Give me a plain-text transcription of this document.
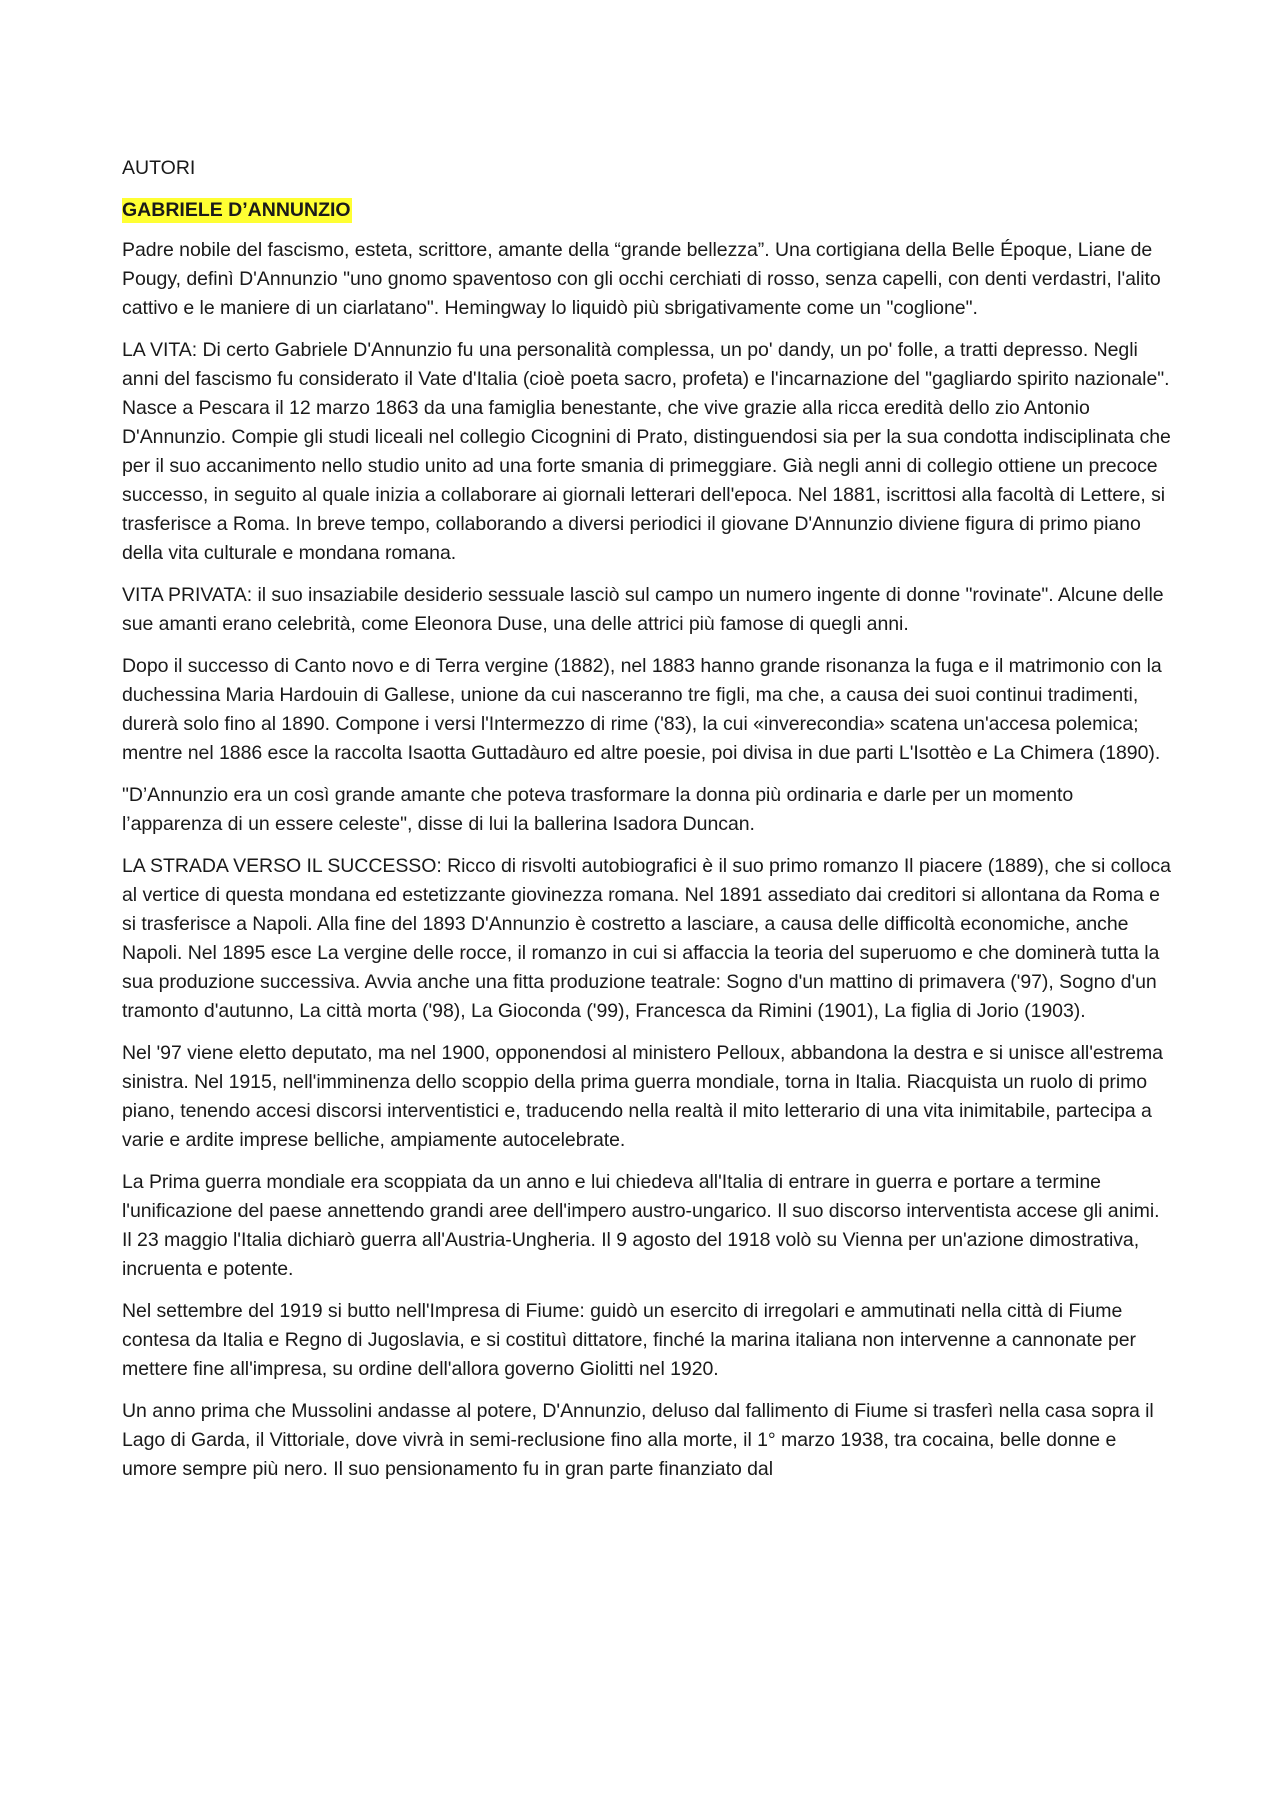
AUTORI
GABRIELE D’ANNUNZIO

Padre nobile del fascismo, esteta, scrittore, amante della “grande bellezza”. Una cortigiana della Belle Époque, Liane de Pougy, definì D'Annunzio "uno gnomo spaventoso con gli occhi cerchiati di rosso, senza capelli, con denti verdastri, l'alito cattivo e le maniere di un ciarlatano". Hemingway lo liquidò più sbrigativamente come un "coglione".

LA VITA: Di certo Gabriele D'Annunzio fu una personalità complessa, un po' dandy, un po' folle, a tratti depresso. Negli anni del fascismo fu considerato il Vate d'Italia (cioè poeta sacro, profeta) e l'incarnazione del "gagliardo spirito nazionale". Nasce a Pescara il 12 marzo 1863 da una famiglia benestante, che vive grazie alla ricca eredità dello zio Antonio D'Annunzio. Compie gli studi liceali nel collegio Cicognini di Prato, distinguendosi sia per la sua condotta indisciplinata che per il suo accanimento nello studio unito ad una forte smania di primeggiare. Già negli anni di collegio ottiene un precoce successo, in seguito al quale inizia a collaborare ai giornali letterari dell'epoca. Nel 1881, iscrittosi alla facoltà di Lettere, si trasferisce a Roma. In breve tempo, collaborando a diversi periodici il giovane D'Annunzio diviene figura di primo piano della vita culturale e mondana romana.

VITA PRIVATA: il suo insaziabile desiderio sessuale lasciò sul campo un numero ingente di donne "rovinate". Alcune delle sue amanti erano celebrità, come Eleonora Duse, una delle attrici più famose di quegli anni.

Dopo il successo di Canto novo e di Terra vergine (1882), nel 1883 hanno grande risonanza la fuga e il matrimonio con la duchessina Maria Hardouin di Gallese, unione da cui nasceranno tre figli, ma che, a causa dei suoi continui tradimenti, durerà solo fino al 1890. Compone i versi l'Intermezzo di rime ('83), la cui «inverecondia» scatena un'accesa polemica; mentre nel 1886 esce la raccolta Isaotta Guttadàuro ed altre poesie, poi divisa in due parti L'Isottèo e La Chimera (1890).

"D’Annunzio era un così grande amante che poteva trasformare la donna più ordinaria e darle per un momento l’apparenza di un essere celeste", disse di lui la ballerina Isadora Duncan.

LA STRADA VERSO IL SUCCESSO: Ricco di risvolti autobiografici è il suo primo romanzo Il piacere (1889), che si colloca al vertice di questa mondana ed estetizzante giovinezza romana. Nel 1891 assediato dai creditori si allontana da Roma e si trasferisce a Napoli. Alla fine del 1893 D'Annunzio è costretto a lasciare, a causa delle difficoltà economiche, anche Napoli. Nel 1895 esce La vergine delle rocce, il romanzo in cui si affaccia la teoria del superuomo e che dominerà tutta la sua produzione successiva. Avvia anche una fitta produzione teatrale: Sogno d'un mattino di primavera ('97), Sogno d'un tramonto d'autunno, La città morta ('98), La Gioconda ('99), Francesca da Rimini (1901), La figlia di Jorio (1903).

Nel '97 viene eletto deputato, ma nel 1900, opponendosi al ministero Pelloux, abbandona la destra e si unisce all'estrema sinistra. Nel 1915, nell'imminenza dello scoppio della prima guerra mondiale, torna in Italia. Riacquista un ruolo di primo piano, tenendo accesi discorsi interventistici e, traducendo nella realtà il mito letterario di una vita inimitabile, partecipa a varie e ardite imprese belliche, ampiamente autocelebrate.

La Prima guerra mondiale era scoppiata da un anno e lui chiedeva all'Italia di entrare in guerra e portare a termine l'unificazione del paese annettendo grandi aree dell'impero austro-ungarico. Il suo discorso interventista accese gli animi. Il 23 maggio l'Italia dichiarò guerra all'Austria-Ungheria. Il 9 agosto del 1918 volò su Vienna per un'azione dimostrativa, incruenta e potente.

Nel settembre del 1919 si butto nell'Impresa di Fiume: guidò un esercito di irregolari e ammutinati nella città di Fiume contesa da Italia e Regno di Jugoslavia, e si costituì dittatore, finché la marina italiana non intervenne a cannonate per mettere fine all'impresa, su ordine dell'allora governo Giolitti nel 1920.

Un anno prima che Mussolini andasse al potere, D'Annunzio, deluso dal fallimento di Fiume si trasferì nella casa sopra il Lago di Garda, il Vittoriale, dove vivrà in semi-reclusione fino alla morte, il 1° marzo 1938, tra cocaina, belle donne e umore sempre più nero. Il suo pensionamento fu in gran parte finanziato dal
